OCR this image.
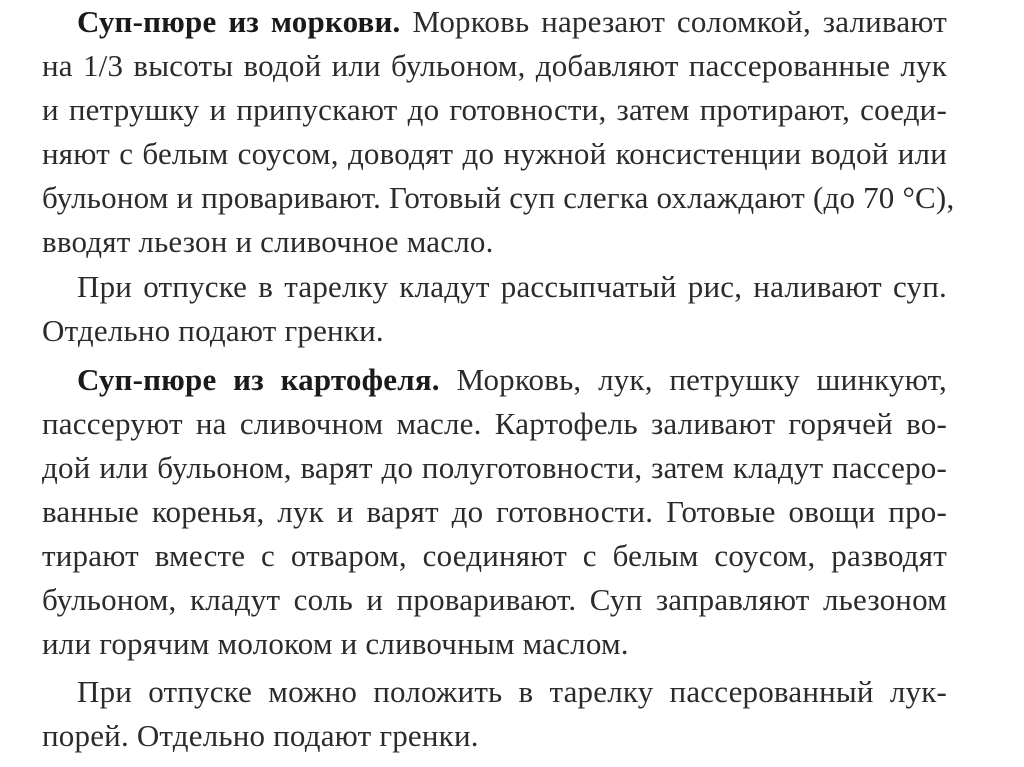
Суп-пюре из моркови. Морковь нарезают соломкой, заливают
на 1/3 высоты водой или бульоном, добавляют пассерованные лук
и петрушку и припускают до готовности, затем протирают, соеди-
няют с белым соусом, доводят до нужной консистенции водой или
бульоном и проваривают. Готовый суп слегка охлаждают (до 70 °С),
вводят льезон и сливочное масло.
При отпуске в тарелку кладут рассыпчатый рис, наливают суп.
Отдельно подают гренки.
Суп-пюре из картофеля. Морковь, лук, петрушку шинкуют,
пассеруют на сливочном масле. Картофель заливают горячей во-
дой или бульоном, варят до полуготовности, затем кладут пассеро-
ванные коренья, лук и варят до готовности. Готовые овощи про-
тирают вместе с отваром, соединяют с белым соусом, разводят
бульоном, кладут соль и проваривают. Суп заправляют льезоном
или горячим молоком и сливочным маслом.
При отпуске можно положить в тарелку пассерованный лук-
порей. Отдельно подают гренки.
